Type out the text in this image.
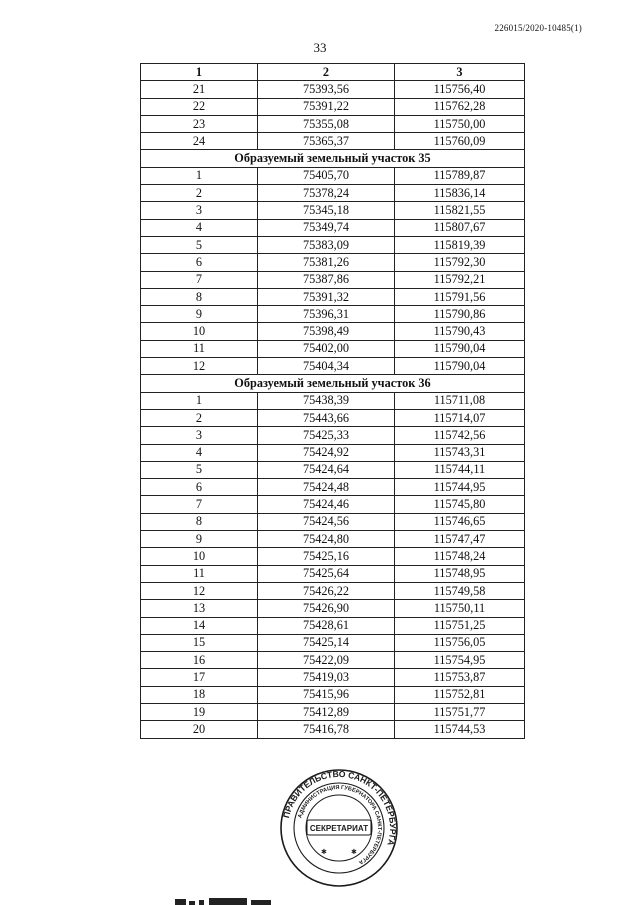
226015/2020-10485(1)
33
1	2	3
21	75393,56	115756,40
22	75391,22	115762,28
23	75355,08	115750,00
24	75365,37	115760,09
Образуемый земельный участок 35		
1	75405,70	115789,87
2	75378,24	115836,14
3	75345,18	115821,55
4	75349,74	115807,67
5	75383,09	115819,39
6	75381,26	115792,30
7	75387,86	115792,21
8	75391,32	115791,56
9	75396,31	115790,86
10	75398,49	115790,43
11	75402,00	115790,04
12	75404,34	115790,04
Образуемый земельный участок 36		
1	75438,39	115711,08
2	75443,66	115714,07
3	75425,33	115742,56
4	75424,92	115743,31
5	75424,64	115744,11
6	75424,48	115744,95
7	75424,46	115745,80
8	75424,56	115746,65
9	75424,80	115747,47
10	75425,16	115748,24
11	75425,64	115748,95
12	75426,22	115749,58
13	75426,90	115750,11
14	75428,61	115751,25
15	75425,14	115756,05
16	75422,09	115754,95
17	75419,03	115753,87
18	75415,96	115752,81
19	75412,89	115751,77
20	75416,78	115744,53
ПРАВИТЕЛЬСТВО САНКТ-ПЕТЕРБУРГА
АДМИНИСТРАЦИЯ ГУБЕРНАТОРА САНКТ-ПЕТЕРБУРГА
СЕКРЕТАРИАТ
✱	✱
